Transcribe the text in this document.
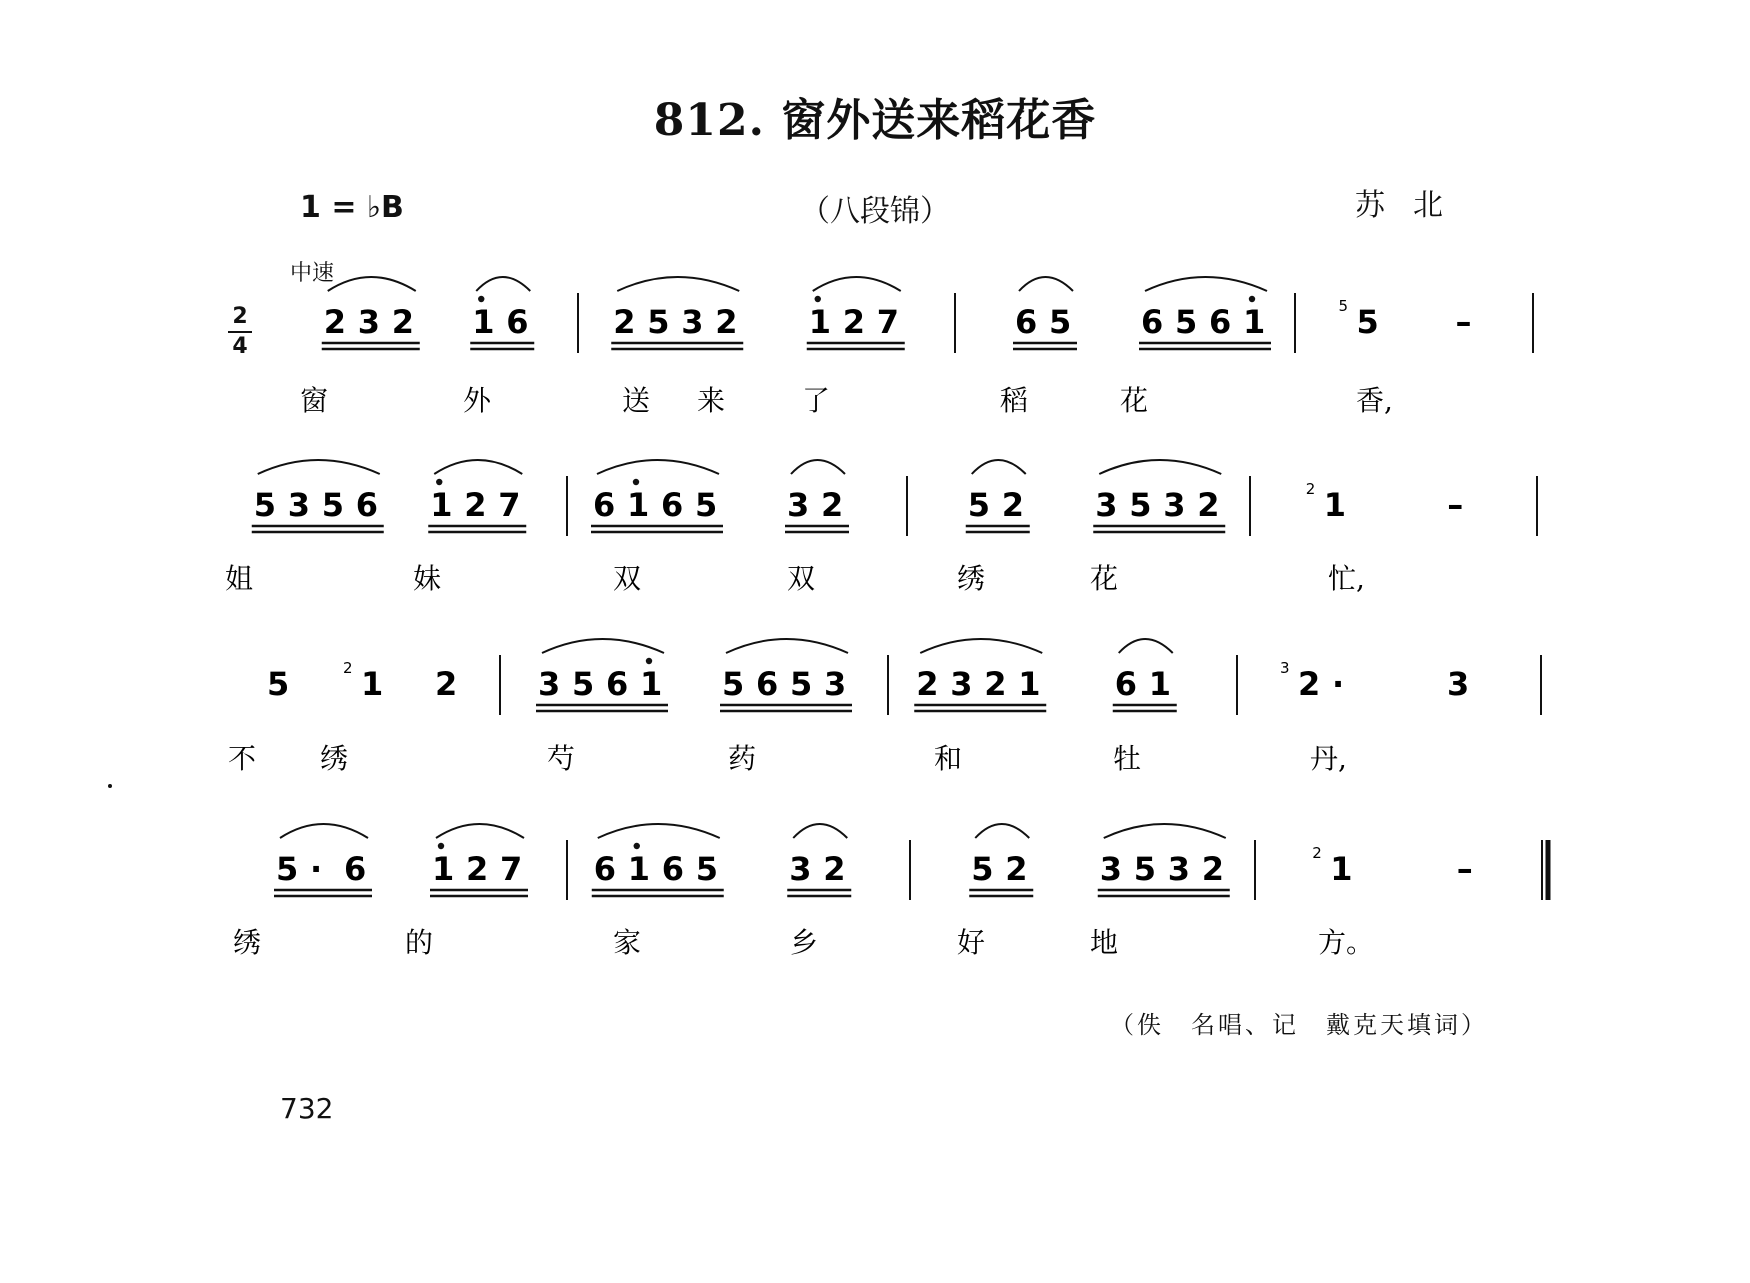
812. 窗外送来稻花香
1 = ♭B	（八段锦）	苏北
中速
2
4
2 3 2 1 6	2 5 3 2 1 2 7	6 5 6 5 6 1	5 5 –
窗	外	送 来	了	稻	花	香,
5 3 5 6 1 2 7 6 1 6 5 3 2	5 2 3 5 3 2	2 1	–
姐	妹	双	双	绣	花	忙,
5	2 1 2	3 5 6 1 5 6 5 3 2 3 2 1 6 1	3 2 ·	3
不 绣	芍	药	和	牡	丹,
5 · 6 1 2 7 6 1 6 5 3 2	5 2 3 5 3 2	2 1	–
绣	的	家	乡	好	地	方。
（佚　名唱、记　戴克天填词）
732
